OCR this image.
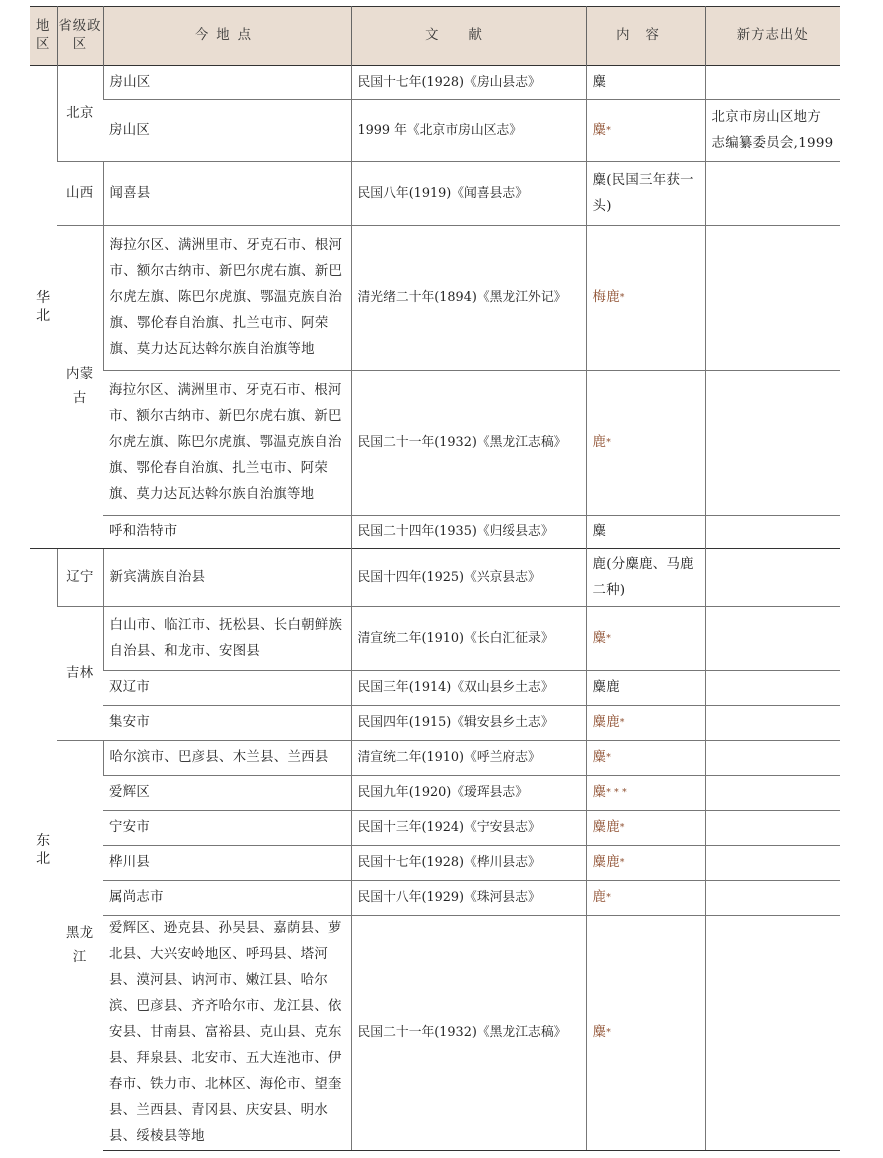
地区	省级政区	今地点	文献	内容	新方志出处
华北	北京	房山区	民国十七年(1928)《房山县志》	麋	
		房山区	1999 年《北京市房山区志》	麋*	北京市房山区地方志编纂委员会,1999
	山西	闻喜县	民国八年(1919)《闻喜县志》	麋(民国三年获一头)	
	内蒙古	海拉尔区、满洲里市、牙克石市、根河市、额尔古纳市、新巴尔虎右旗、新巴尔虎左旗、陈巴尔虎旗、鄂温克族自治旗、鄂伦春自治旗、扎兰屯市、阿荣旗、莫力达瓦达斡尔族自治旗等地	清光绪二十年(1894)《黑龙江外记》	梅鹿*	
		海拉尔区、满洲里市、牙克石市、根河市、额尔古纳市、新巴尔虎右旗、新巴尔虎左旗、陈巴尔虎旗、鄂温克族自治旗、鄂伦春自治旗、扎兰屯市、阿荣旗、莫力达瓦达斡尔族自治旗等地	民国二十一年(1932)《黑龙江志稿》	鹿*	
		呼和浩特市	民国二十四年(1935)《归绥县志》	麋	
东北	辽宁	新宾满族自治县	民国十四年(1925)《兴京县志》	鹿(分麋鹿、马鹿二种)	
	吉林	白山市、临江市、抚松县、长白朝鲜族自治县、和龙市、安图县	清宣统二年(1910)《长白汇征录》	麋*	
		双辽市	民国三年(1914)《双山县乡土志》	麋鹿	
		集安市	民国四年(1915)《辑安县乡土志》	麋鹿*	
	黑龙江	哈尔滨市、巴彦县、木兰县、兰西县	清宣统二年(1910)《呼兰府志》	麋*	
		爱辉区	民国九年(1920)《瑷珲县志》	麋* * *	
		宁安市	民国十三年(1924)《宁安县志》	麋鹿*	
		桦川县	民国十七年(1928)《桦川县志》	麋鹿*	
		属尚志市	民国十八年(1929)《珠河县志》	鹿*	
		爱辉区、逊克县、孙吴县、嘉荫县、萝北县、大兴安岭地区、呼玛县、塔河县、漠河县、讷河市、嫩江县、哈尔滨、巴彦县、齐齐哈尔市、龙江县、依安县、甘南县、富裕县、克山县、克东县、拜泉县、北安市、五大连池市、伊春市、铁力市、北林区、海伦市、望奎县、兰西县、青冈县、庆安县、明水县、绥棱县等地	民国二十一年(1932)《黑龙江志稿》	麋*	
